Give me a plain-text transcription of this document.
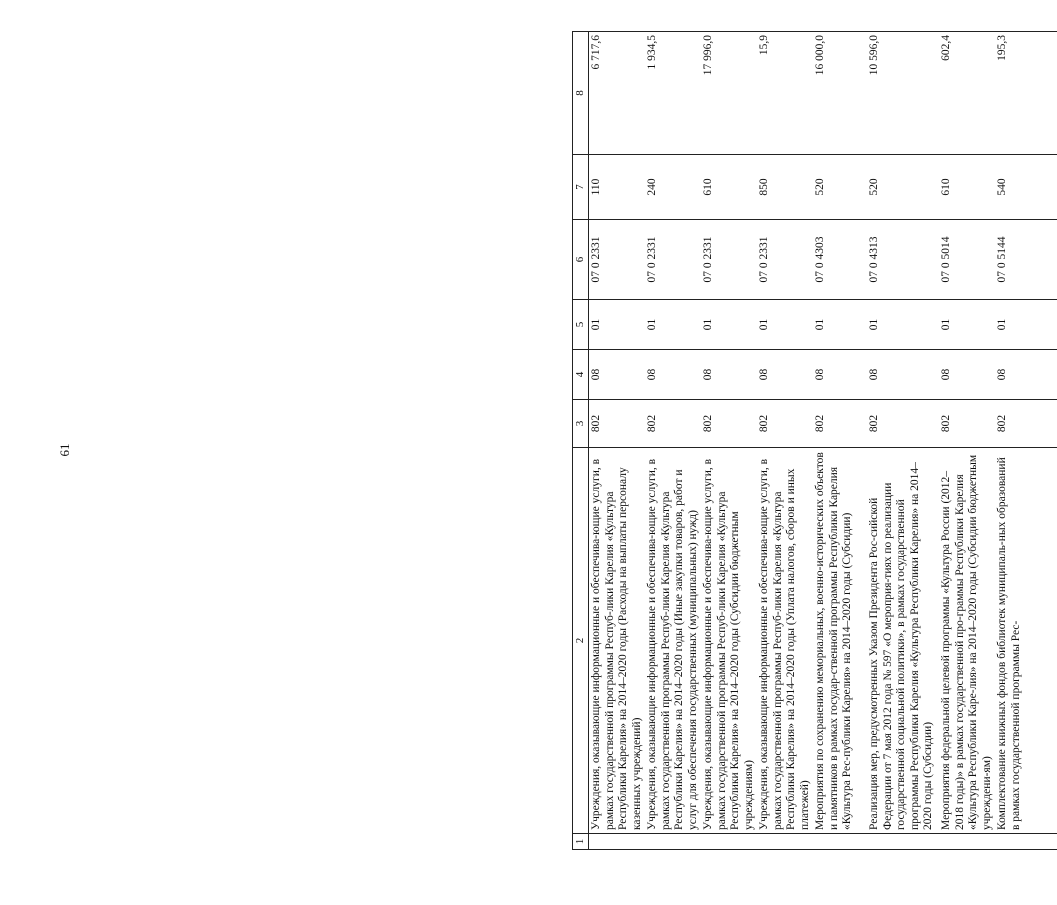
61
1	2	3	4	5	6	7	8
	Учреждения, оказывающие информационные и обеспечива-ющие услуги, в рамках государственной программы Респуб-лики Карелия «Культура Республики Карелия» на 2014–2020 годы (Расходы на выплаты персоналу казенных учреждений)	802	08	01	07 0 2331	110	6 717,6
	Учреждения, оказывающие информационные и обеспечива-ющие услуги, в рамках государственной программы Респуб-лики Карелия «Культура Республики Карелия» на 2014–2020 годы (Иные закупки товаров, работ и услуг для обеспечения государственных (муниципальных) нужд)	802	08	01	07 0 2331	240	1 934,5
	Учреждения, оказывающие информационные и обеспечива-ющие услуги, в рамках государственной программы Респуб-лики Карелия «Культура Республики Карелия» на 2014–2020 годы (Субсидии бюджетным учреждениям)	802	08	01	07 0 2331	610	17 996,0
	Учреждения, оказывающие информационные и обеспечива-ющие услуги, в рамках государственной программы Респуб-лики Карелия «Культура Республики Карелия» на 2014–2020 годы (Уплата налогов, сборов и иных платежей)	802	08	01	07 0 2331	850	15,9
	Мероприятия по сохранению мемориальных, военно-исторических объектов и памятников в рамках государ-ственной программы Республики Карелия «Культура Рес-публики Карелия» на 2014–2020 годы (Субсидии)	802	08	01	07 0 4303	520	16 000,0
	Реализация мер, предусмотренных Указом Президента Рос-сийской Федерации от 7 мая 2012 года № 597 «О мероприя-тиях по реализации государственной социальной политики», в рамках государственной программы Республики Карелия «Культура Республики Карелия» на 2014–2020 годы (Субсидии)	802	08	01	07 0 4313	520	10 596,0
	Мероприятия федеральной целевой программы «Культура России (2012–2018 годы)» в рамках государственной про-граммы Республики Карелия «Культура Республики Каре-лия» на 2014–2020 годы (Субсидии бюджетным учреждени-ям)	802	08	01	07 0 5014	610	602,4
	Комплектование книжных фондов библиотек муниципаль-ных образований в рамках государственной программы Рес-	802	08	01	07 0 5144	540	195,3
